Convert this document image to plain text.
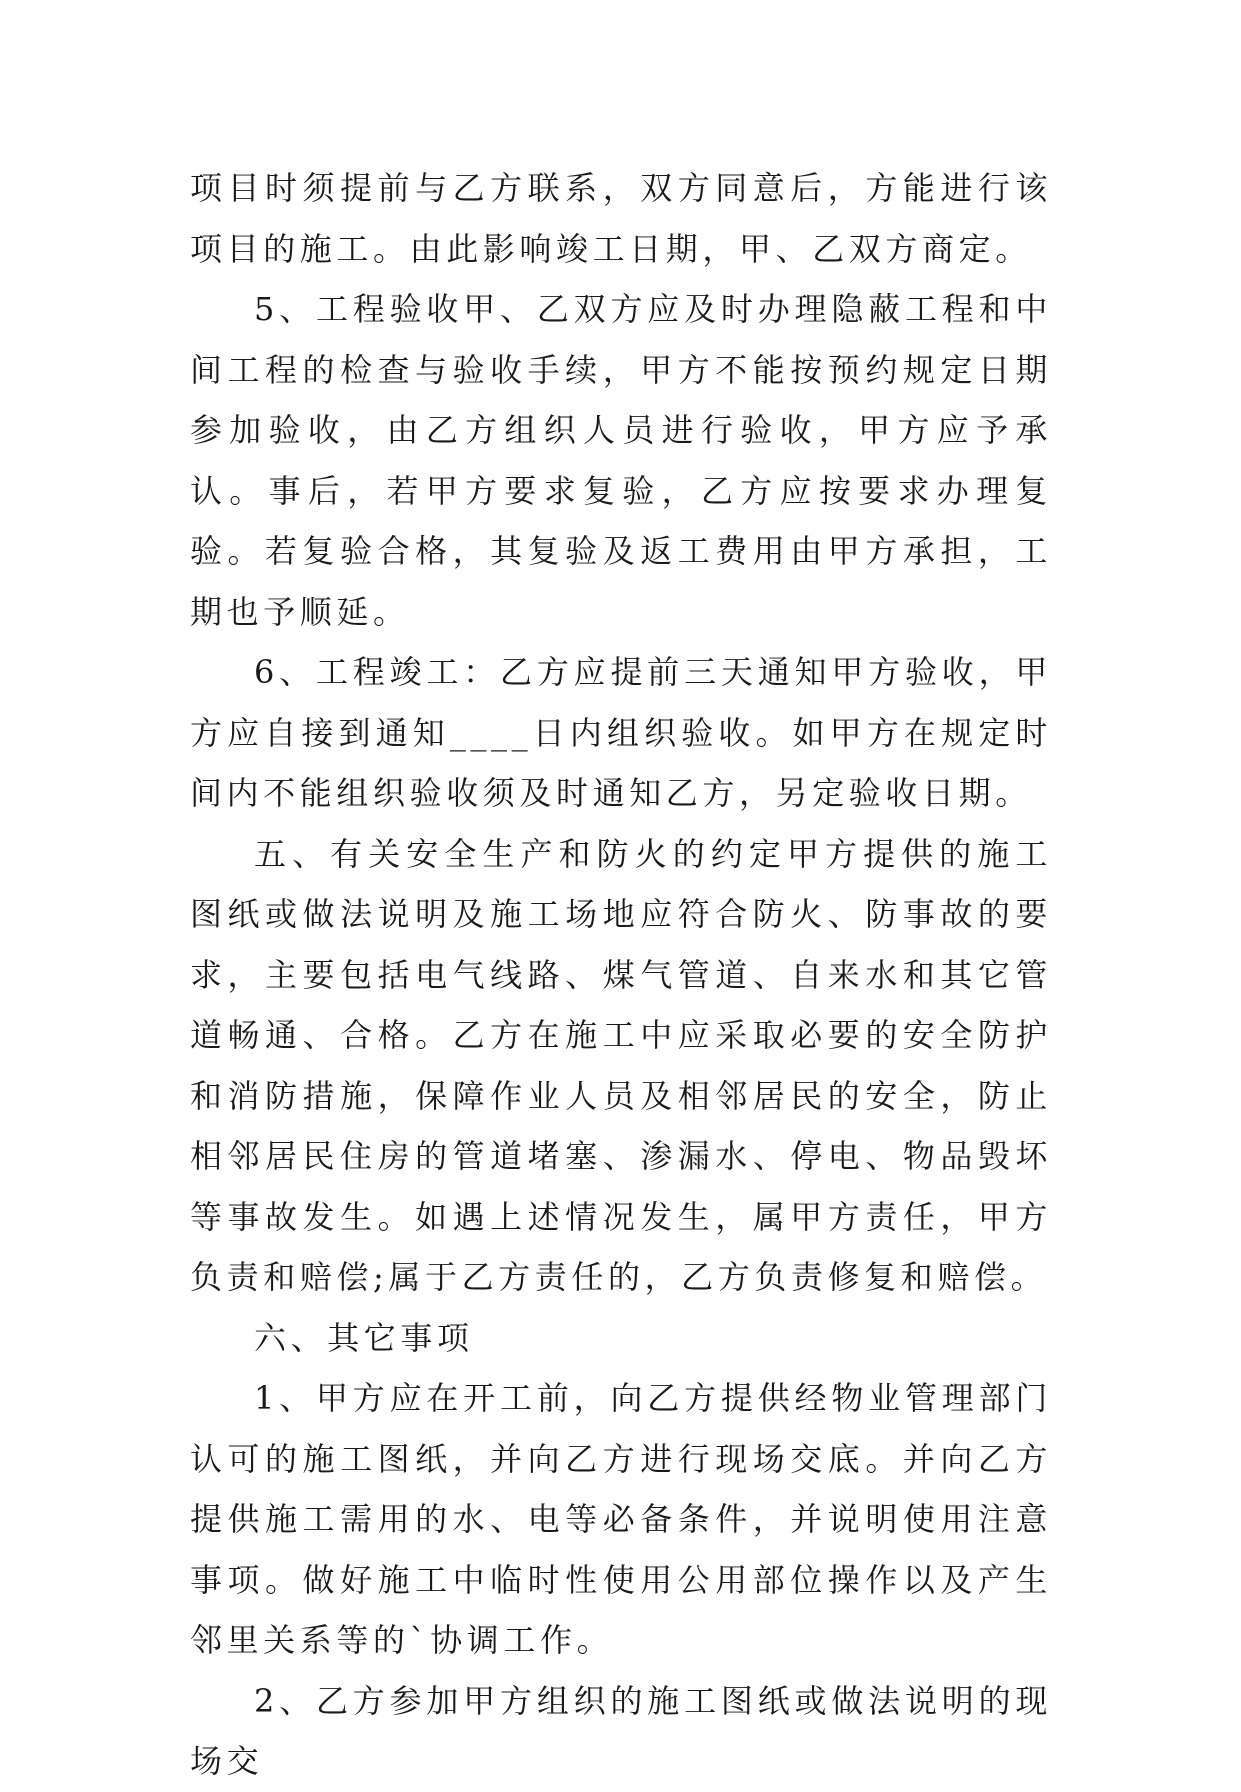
项目时须提前与乙方联系，双方同意后，方能进行该项目的施工。由此影响竣工日期，甲、乙双方商定。

5、工程验收甲、乙双方应及时办理隐蔽工程和中间工程的检查与验收手续，甲方不能按预约规定日期参加验收，由乙方组织人员进行验收，甲方应予承认。事后，若甲方要求复验，乙方应按要求办理复验。若复验合格，其复验及返工费用由甲方承担，工期也予顺延。

6、工程竣工：乙方应提前三天通知甲方验收，甲方应自接到通知____日内组织验收。如甲方在规定时间内不能组织验收须及时通知乙方，另定验收日期。

五、有关安全生产和防火的约定甲方提供的施工图纸或做法说明及施工场地应符合防火、防事故的要求，主要包括电气线路、煤气管道、自来水和其它管道畅通、合格。乙方在施工中应采取必要的安全防护和消防措施，保障作业人员及相邻居民的安全，防止相邻居民住房的管道堵塞、渗漏水、停电、物品毁坏等事故发生。如遇上述情况发生，属甲方责任，甲方负责和赔偿;属于乙方责任的，乙方负责修复和赔偿。

六、其它事项

1、甲方应在开工前，向乙方提供经物业管理部门认可的施工图纸，并向乙方进行现场交底。并向乙方提供施工需用的水、电等必备条件，并说明使用注意事项。做好施工中临时性使用公用部位操作以及产生邻里关系等的`协调工作。

2、乙方参加甲方组织的施工图纸或做法说明的现场交
